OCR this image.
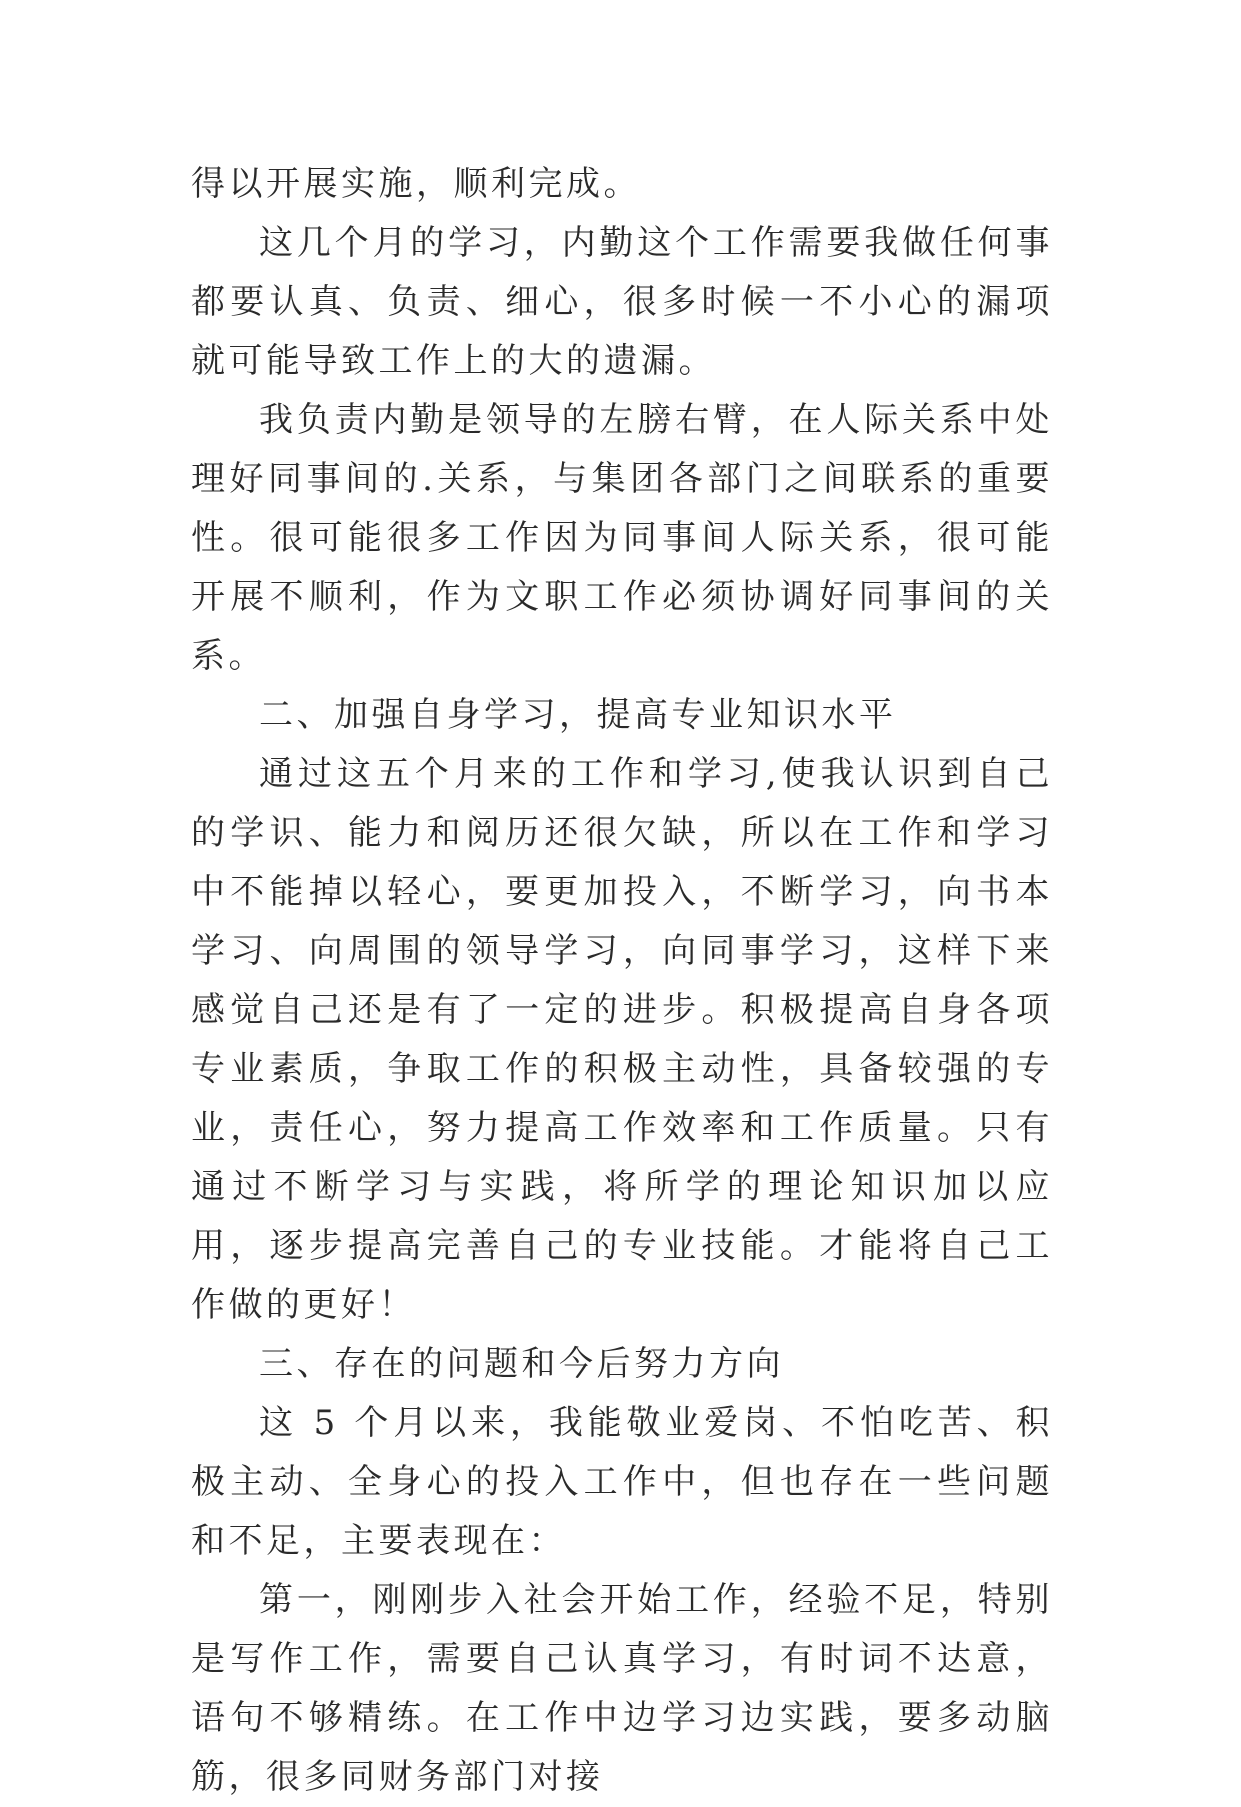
得以开展实施，顺利完成。

这几个月的学习，内勤这个工作需要我做任何事都要认真、负责、细心，很多时候一不小心的漏项就可能导致工作上的大的遗漏。

我负责内勤是领导的左膀右臂，在人际关系中处理好同事间的.关系，与集团各部门之间联系的重要性。很可能很多工作因为同事间人际关系，很可能开展不顺利，作为文职工作必须协调好同事间的关系。

二、加强自身学习，提高专业知识水平

通过这五个月来的工作和学习,使我认识到自己的学识、能力和阅历还很欠缺，所以在工作和学习中不能掉以轻心，要更加投入，不断学习，向书本学习、向周围的领导学习，向同事学习，这样下来感觉自己还是有了一定的进步。积极提高自身各项专业素质，争取工作的积极主动性，具备较强的专业，责任心，努力提高工作效率和工作质量。只有通过不断学习与实践，将所学的理论知识加以应用，逐步提高完善自己的专业技能。才能将自己工作做的更好！

三、存在的问题和今后努力方向

这 5 个月以来，我能敬业爱岗、不怕吃苦、积极主动、全身心的投入工作中，但也存在一些问题和不足，主要表现在：

第一，刚刚步入社会开始工作，经验不足，特别是写作工作，需要自己认真学习，有时词不达意，语句不够精练。在工作中边学习边实践，要多动脑筋，很多同财务部门对接
